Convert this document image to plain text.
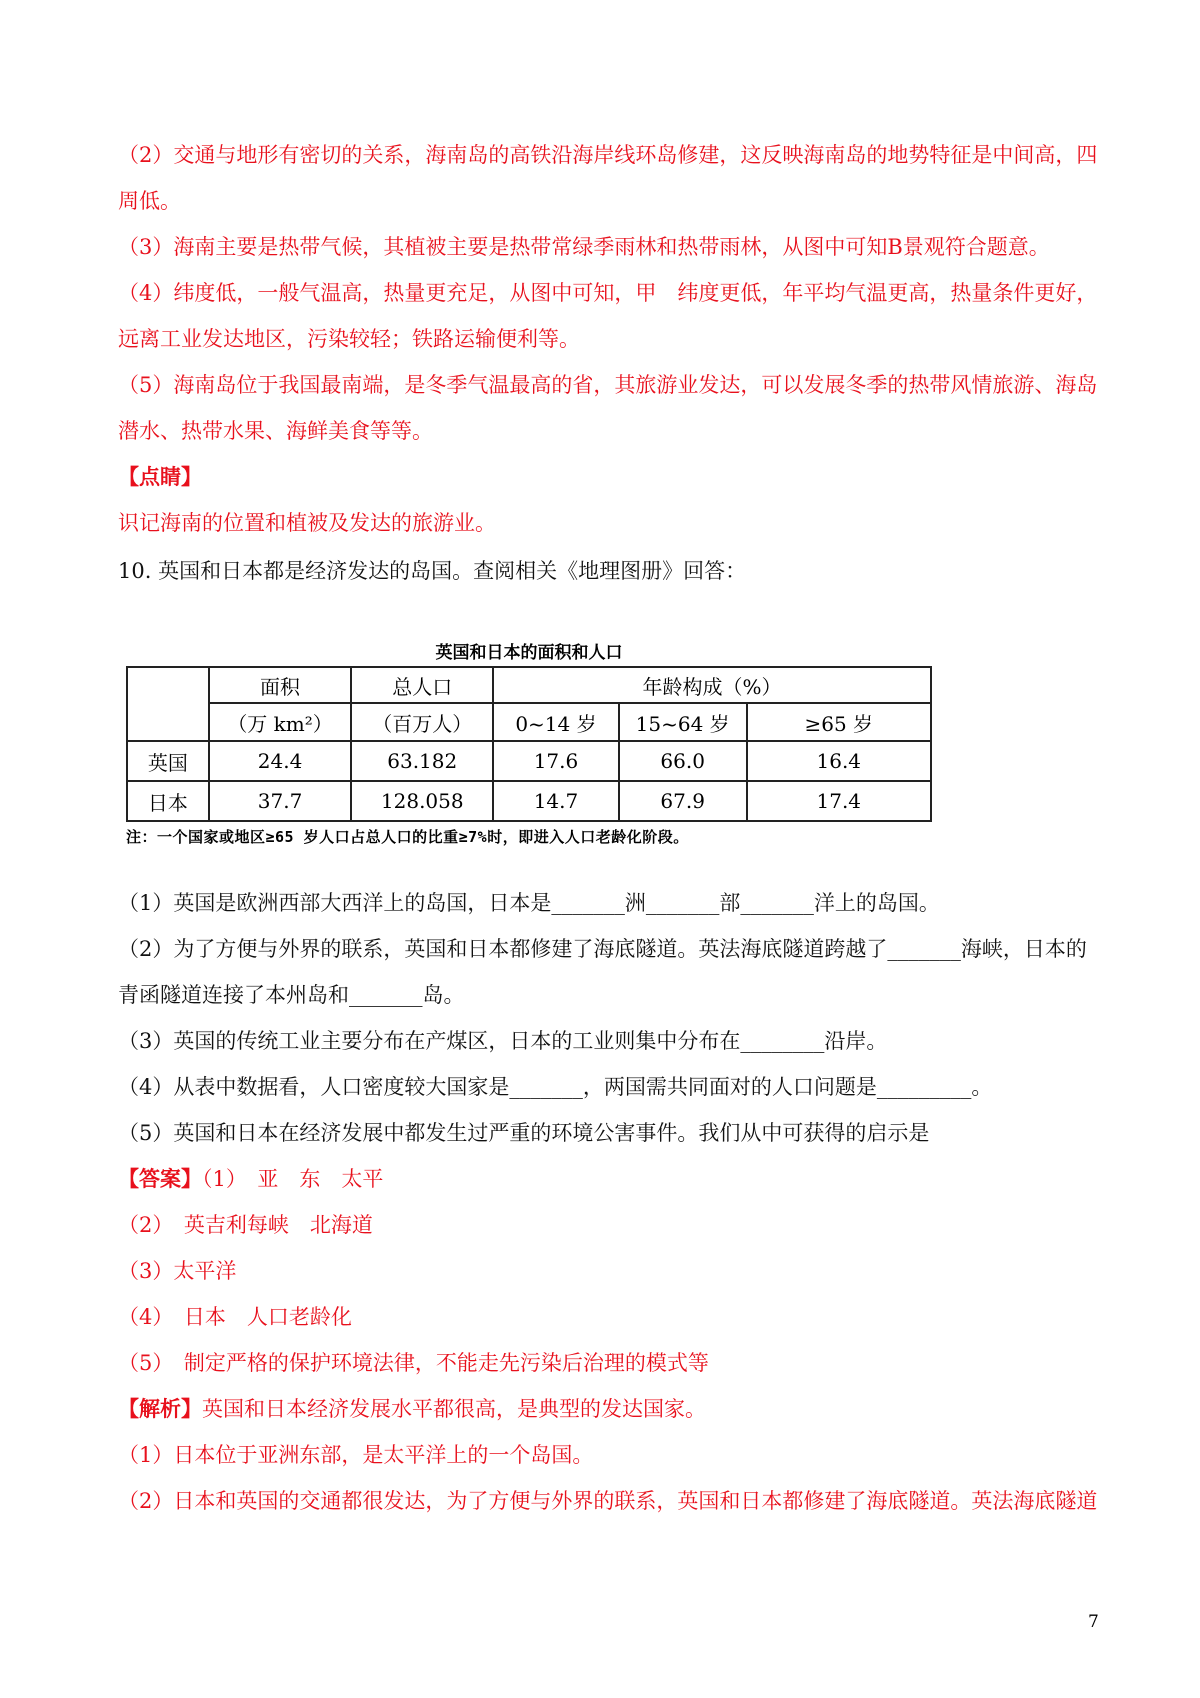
（2）交通与地形有密切的关系，海南岛的高铁沿海岸线环岛修建，这反映海南岛的地势特征是中间高，四
周低。
（3）海南主要是热带气候，其植被主要是热带常绿季雨林和热带雨林，从图中可知B景观符合题意。
（4）纬度低，一般气温高，热量更充足，从图中可知，甲　纬度更低，年平均气温更高，热量条件更好，
远离工业发达地区，污染较轻；铁路运输便利等。
（5）海南岛位于我国最南端，是冬季气温最高的省，其旅游业发达，可以发展冬季的热带风情旅游、海岛
潜水、热带水果、海鲜美食等等。
【点睛】
识记海南的位置和植被及发达的旅游业。
10. 英国和日本都是经济发达的岛国。查阅相关《地理图册》回答：
英国和日本的面积和人口
	面积	总人口	年龄构成（%）		
	（万 km²）	（百万人）	0~14 岁	15~64 岁	≥65 岁
英国	24.4	63.182	17.6	66.0	16.4
日本	37.7	128.058	14.7	67.9	17.4
注：一个国家或地区≥65 岁人口占总人口的比重≥7%时，即进入人口老龄化阶段。
（1）英国是欧洲西部大西洋上的岛国，日本是_______洲_______部_______洋上的岛国。
（2）为了方便与外界的联系，英国和日本都修建了海底隧道。英法海底隧道跨越了_______海峡，日本的
青函隧道连接了本州岛和_______岛。
（3）英国的传统工业主要分布在产煤区，日本的工业则集中分布在________沿岸。
（4）从表中数据看，人口密度较大国家是_______，两国需共同面对的人口问题是_________。
（5）英国和日本在经济发展中都发生过严重的环境公害事件。我们从中可获得的启示是
【答案】（1）　亚　东　太平
（2）　英吉利每峡　北海道
（3）太平洋
（4）　日本　人口老龄化
（5）　制定严格的保护环境法律，不能走先污染后治理的模式等
【解析】英国和日本经济发展水平都很高，是典型的发达国家。
（1）日本位于亚洲东部，是太平洋上的一个岛国。
（2）日本和英国的交通都很发达，为了方便与外界的联系，英国和日本都修建了海底隧道。英法海底隧道
7
